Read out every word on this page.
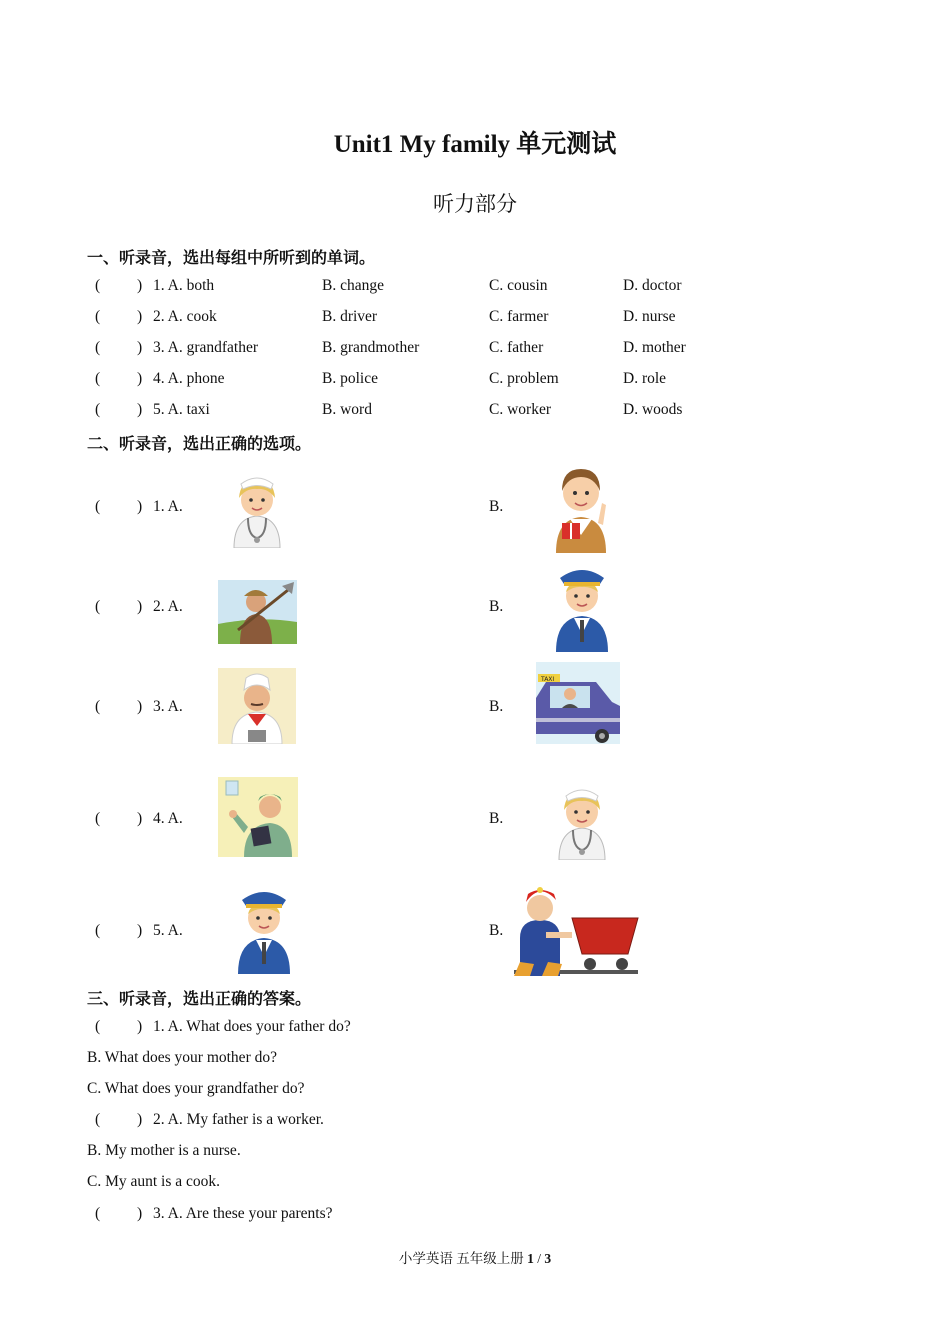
Unit1 My family 单元测试
听力部分
一、听录音，选出每组中所听到的单词。
( ) 1. A. both	B. change	C. cousin	D. doctor
( ) 2. A. cook	B. driver	C. farmer	D. nurse
( ) 3. A. grandfather	B. grandmother	C. father	D. mother
( ) 4. A. phone	B. police	C. problem	D. role
( ) 5. A. taxi	B. word	C. worker	D. woods
二、听录音，选出正确的选项。
( ) 1. A.	B.
( ) 2. A.	B.
( ) 3. A.	B.
TAXI
( ) 4. A.	B.
( ) 5. A.	B.
三、听录音，选出正确的答案。
( ) 1. A. What does your father do?
B. What does your mother do?
C. What does your grandfather do?
( ) 2. A. My father is a worker.
B. My mother is a nurse.
C. My aunt is a cook.
( ) 3. A. Are these your parents?
小学英语 五年级上册 1 / 3
